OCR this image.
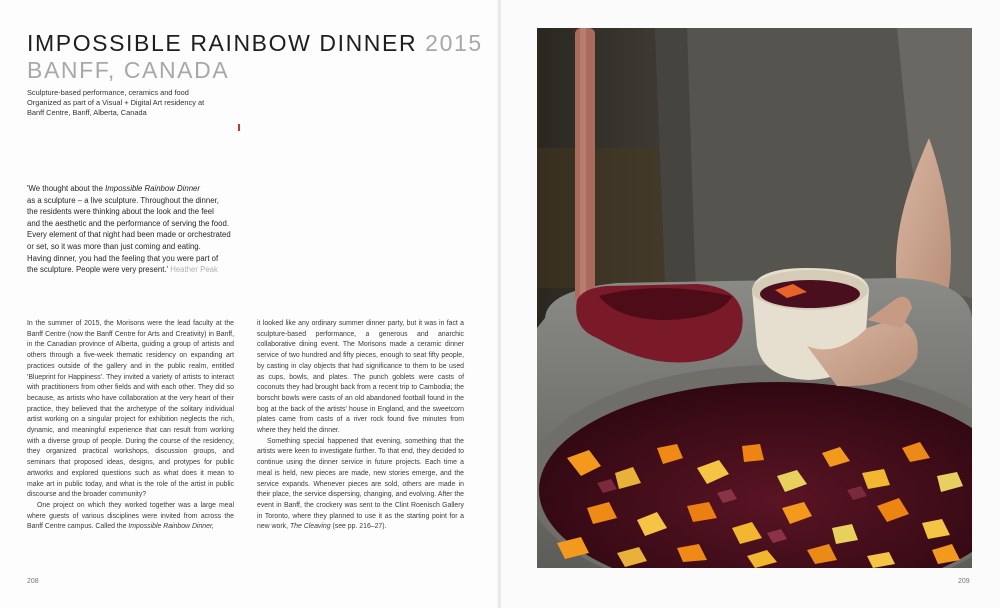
IMPOSSIBLE RAINBOW DINNER 2015
BANFF, CANADA
Sculpture-based performance, ceramics and food
Organized as part of a Visual + Digital Art residency at
Banff Centre, Banff, Alberta, Canada
'We thought about the Impossible Rainbow Dinner
as a sculpture – a live sculpture. Throughout the dinner,
the residents were thinking about the look and the feel
and the aesthetic and the performance of serving the food.
Every element of that night had been made or orchestrated
or set, so it was more than just coming and eating.
Having dinner, you had the feeling that you were part of
the sculpture. People were very present.' Heather Peak

In the summer of 2015, the Morisons were the lead faculty at the Banff Centre (now the Banff Centre for Arts and Creativity) in Banff, in the Canadian province of Alberta, guiding a group of artists and others through a five-week thematic residency on expanding art practices outside of the gallery and in the public realm, entitled 'Blueprint for Happiness'. They invited a variety of artists to interact with practitioners from other fields and with each other. They did so because, as artists who have collaboration at the very heart of their practice, they believed that the archetype of the solitary individual artist working on a singular project for exhibition neglects the rich, dynamic, and meaningful experience that can result from working with a diverse group of people. During the course of the residency, they organized practical workshops, discussion groups, and seminars that proposed ideas, designs, and protypes for public artworks and explored questions such as what does it mean to make art in public today, and what is the role of the artist in public discourse and the broader community?

One project on which they worked together was a large meal where guests of various disciplines were invited from across the Banff Centre campus. Called the Impossible Rainbow Dinner,

it looked like any ordinary summer dinner party, but it was in fact a sculpture-based performance, a generous and anarchic collaborative dining event. The Morisons made a ceramic dinner service of two hundred and fifty pieces, enough to seat fifty people, by casting in clay objects that had significance to them to be used as cups, bowls, and plates. The punch goblets were casts of coconuts they had brought back from a recent trip to Cambodia; the borscht bowls were casts of an old abandoned football found in the bog at the back of the artists' house in England, and the sweetcorn plates came from casts of a river rock found five minutes from where they held the dinner.

Something special happened that evening, something that the artists were keen to investigate further. To that end, they decided to continue using the dinner service in future projects. Each time a meal is held, new pieces are made, new stories emerge, and the service expands. Whenever pieces are sold, others are made in their place, the service dispersing, changing, and evolving. After the event in Banff, the crockery was sent to the Clint Roenisch Gallery in Toronto, where they planned to use it as the starting point for a new work, The Cleaving (see pp. 216–27).

208	209
